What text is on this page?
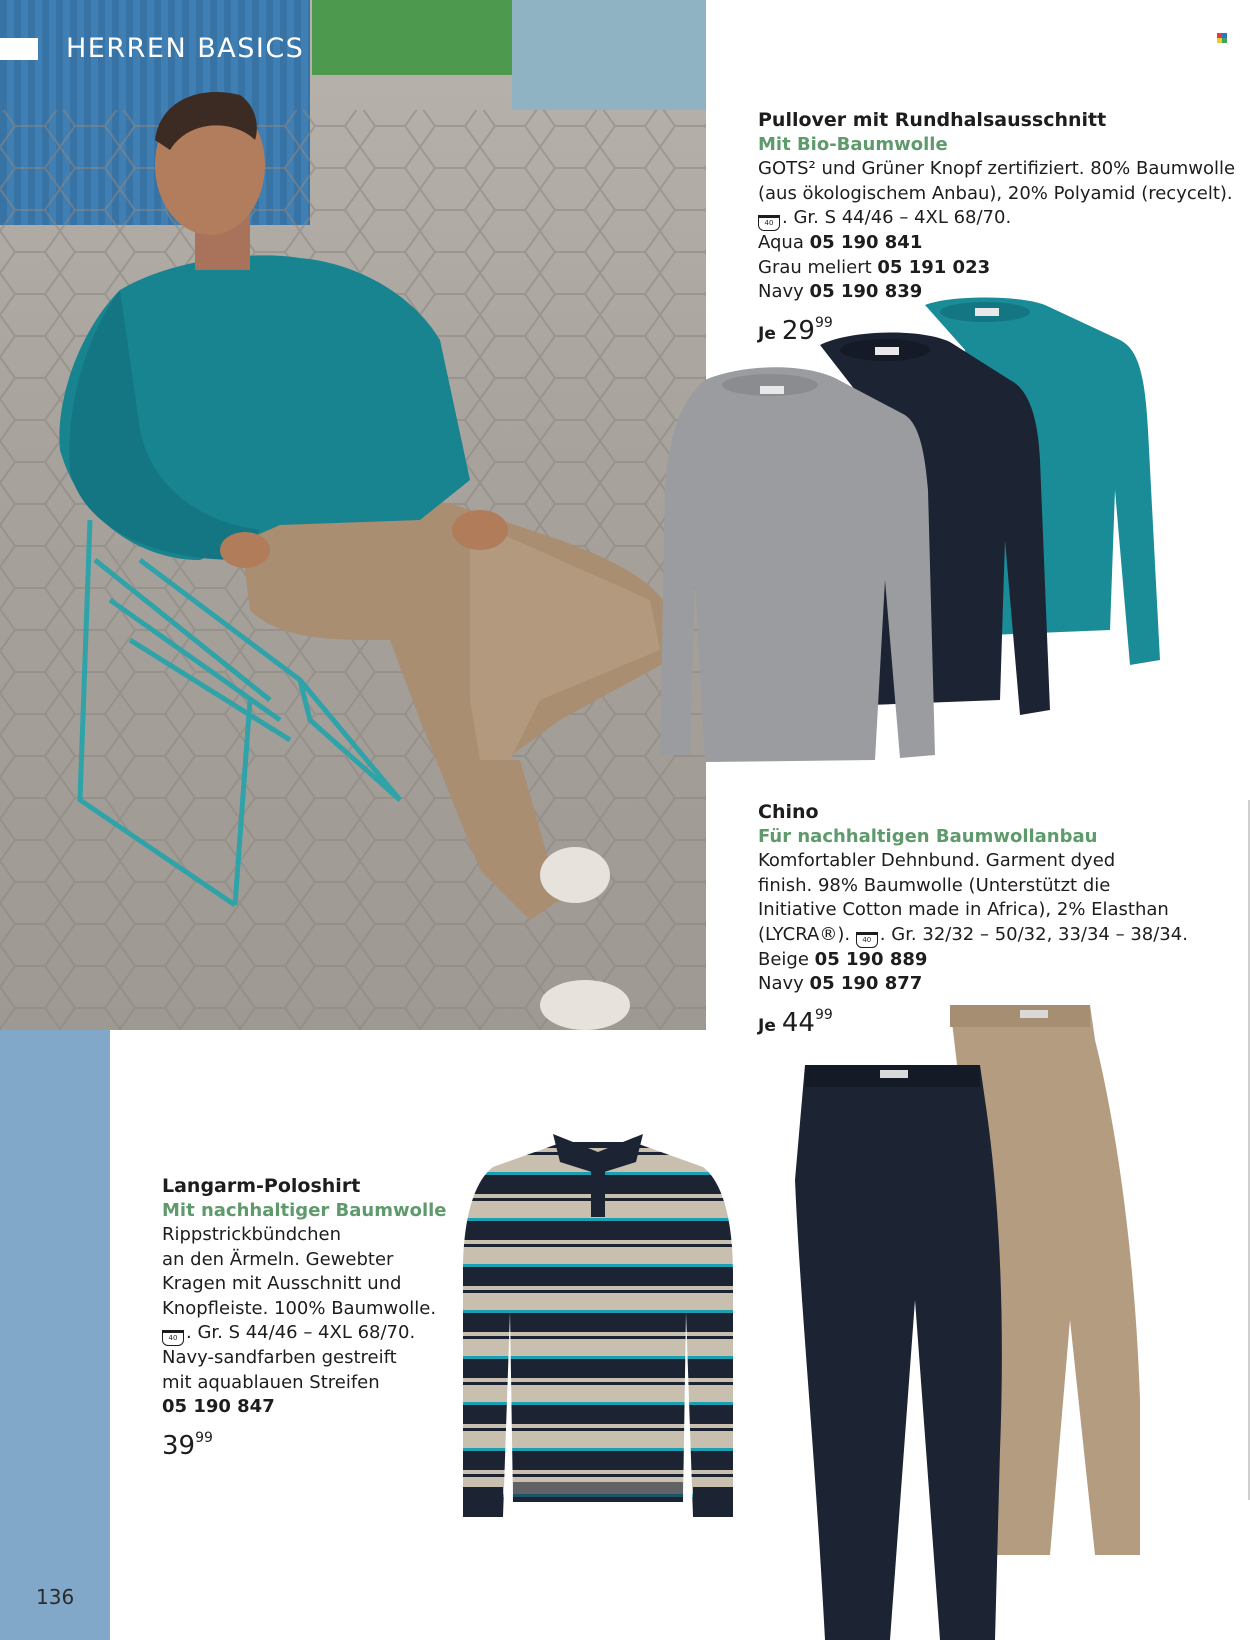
HERREN BASICS
Pullover mit Rundhalsausschnitt
Mit Bio-Baumwolle
GOTS² und Grüner Knopf zertifiziert. 80% Baumwolle
(aus ökologischem Anbau), 20% Polyamid (recycelt).
40 . Gr. S 44/46 – 4XL 68/70.
Aqua 05 190 841
Grau meliert 05 191 023
Navy 05 190 839
Je $29^{99}$
Chino
Für nachhaltigen Baumwollanbau
Komfortabler Dehnbund. Garment dyed
finish. 98% Baumwolle (Unterstützt die
Initiative Cotton made in Africa), 2% Elasthan
(LYCRA®). 40 . Gr. 32/32 – 50/32, 33/34 – 38/34.
Beige 05 190 889
Navy 05 190 877
Je $44^{99}$
Langarm-Poloshirt
Mit nachhaltiger Baumwolle
Rippstrickbündchen
an den Ärmeln. Gewebter
Kragen mit Ausschnitt und
Knopfleiste. 100% Baumwolle.
40 . Gr. S 44/46 – 4XL 68/70.
Navy-sandfarben gestreift
mit aquablauen Streifen
05 190 847
$39^{99}$
136
